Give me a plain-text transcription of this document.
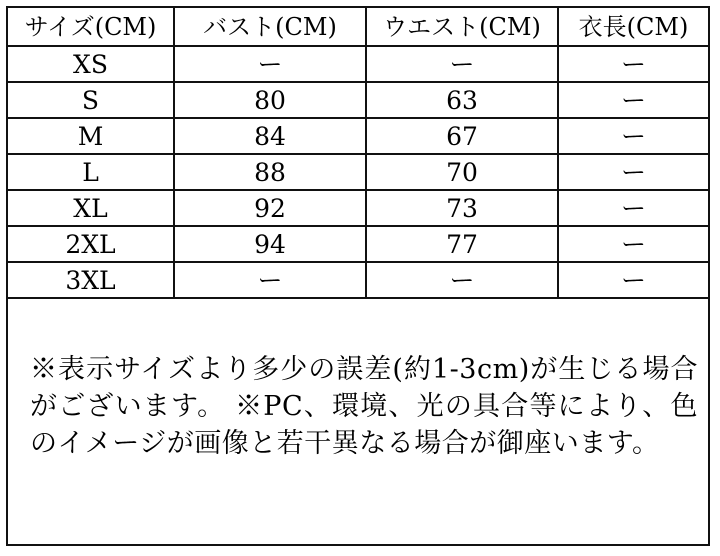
サイズ(CM)	バスト(CM)	ウエスト(CM)	衣長(CM)
XS	ー	ー	ー
S	80	63	ー
M	84	67	ー
L	88	70	ー
XL	92	73	ー
2XL	94	77	ー
3XL	ー	ー	ー
※表示サイズより多少の誤差(約1-3cm)が生じる場合がございます。 ※PC、環境、光の具合等により、色のイメージが画像と若干異なる場合が御座います。
